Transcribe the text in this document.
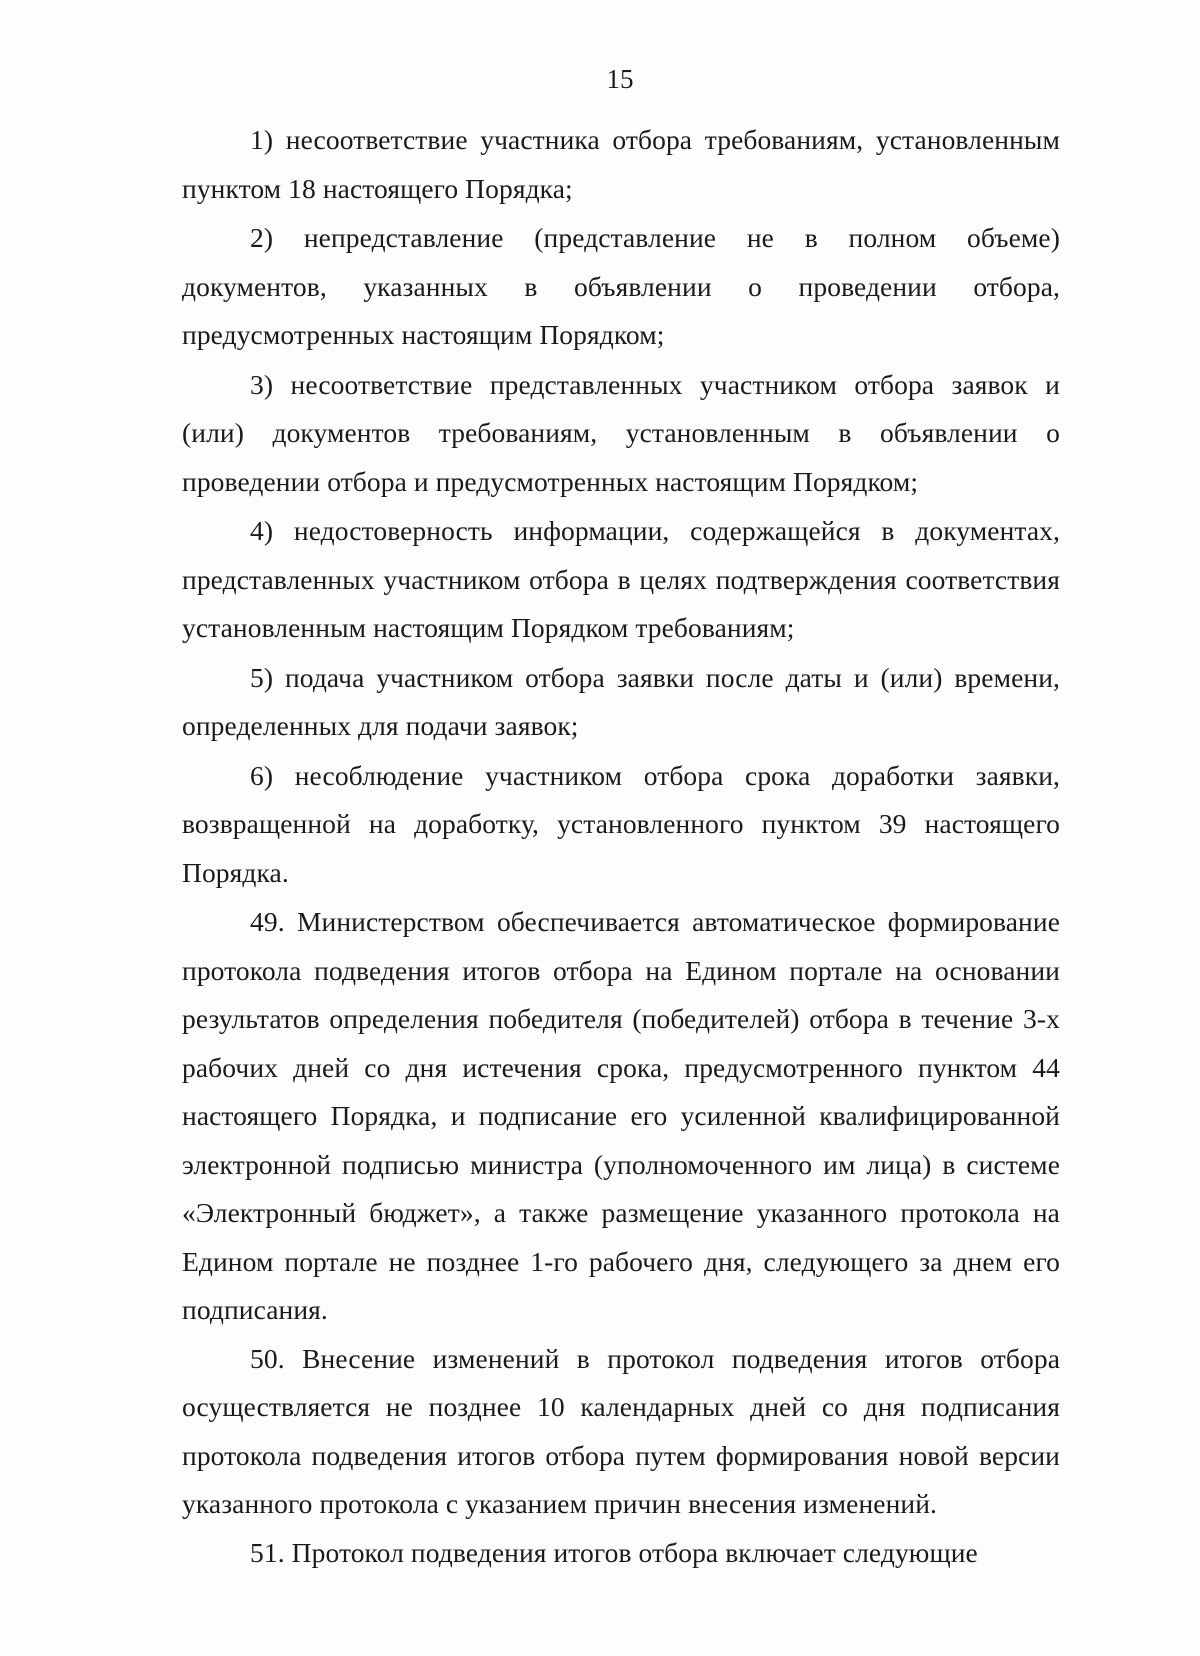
15

1) несоответствие участника отбора требованиям, установленным пунктом 18 настоящего Порядка;

2) непредставление (представление не в полном объеме) документов, указанных в объявлении о проведении отбора, предусмотренных настоящим Порядком;

3) несоответствие представленных участником отбора заявок и (или) документов требованиям, установленным в объявлении о проведении отбора и предусмотренных настоящим Порядком;

4) недостоверность информации, содержащейся в документах, представленных участником отбора в целях подтверждения соответствия установленным настоящим Порядком требованиям;

5) подача участником отбора заявки после даты и (или) времени, определенных для подачи заявок;

6) несоблюдение участником отбора срока доработки заявки, возвращенной на доработку, установленного пунктом 39 настоящего Порядка.

49. Министерством обеспечивается автоматическое формирование протокола подведения итогов отбора на Едином портале на основании результатов определения победителя (победителей) отбора в течение 3-х рабочих дней со дня истечения срока, предусмотренного пунктом 44 настоящего Порядка, и подписание его усиленной квалифицированной электронной подписью министра (уполномоченного им лица) в системе «Электронный бюджет», а также размещение указанного протокола на Едином портале не позднее 1-го рабочего дня, следующего за днем его подписания.

50. Внесение изменений в протокол подведения итогов отбора осуществляется не позднее 10 календарных дней со дня подписания протокола подведения итогов отбора путем формирования новой версии указанного протокола с указанием причин внесения изменений.

51. Протокол подведения итогов отбора включает следующие
